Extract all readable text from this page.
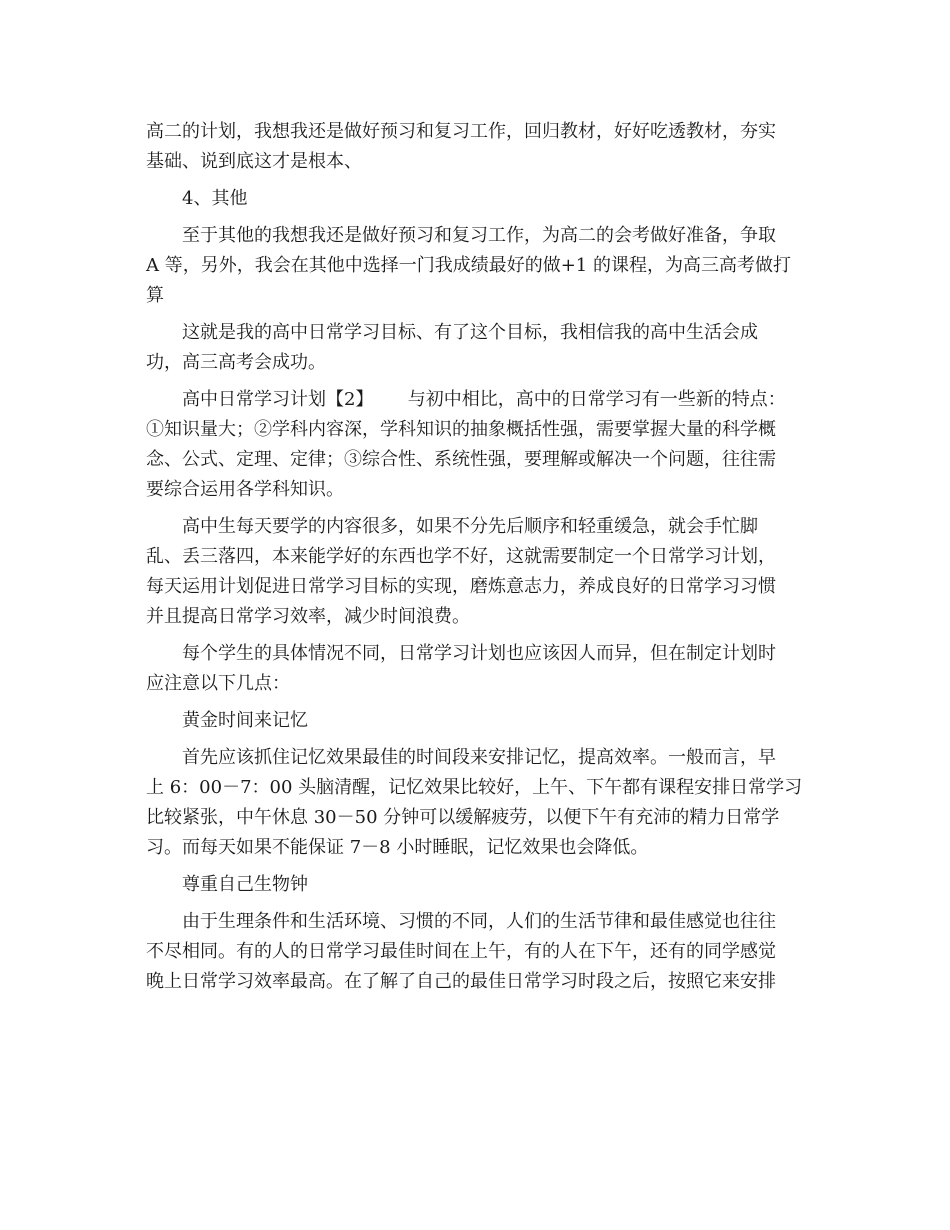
高二的计划，我想我还是做好预习和复习工作，回归教材，好好吃透教材，夯实
基础、说到底这才是根本、

4、其他

至于其他的我想我还是做好预习和复习工作，为高二的会考做好准备，争取
A 等，另外，我会在其他中选择一门我成绩最好的做+1 的课程，为高三高考做打
算

这就是我的高中日常学习目标、有了这个目标，我相信我的高中生活会成
功，高三高考会成功。

高中日常学习计划【2】      与初中相比，高中的日常学习有一些新的特点：
①知识量大；②学科内容深，学科知识的抽象概括性强，需要掌握大量的科学概
念、公式、定理、定律；③综合性、系统性强，要理解或解决一个问题，往往需
要综合运用各学科知识。

高中生每天要学的内容很多，如果不分先后顺序和轻重缓急，就会手忙脚
乱、丢三落四，本来能学好的东西也学不好，这就需要制定一个日常学习计划，
每天运用计划促进日常学习目标的实现，磨炼意志力，养成良好的日常学习习惯
并且提高日常学习效率，减少时间浪费。

每个学生的具体情况不同，日常学习计划也应该因人而异，但在制定计划时
应注意以下几点：

黄金时间来记忆

首先应该抓住记忆效果最佳的时间段来安排记忆，提高效率。一般而言，早
上 6：00－7：00 头脑清醒，记忆效果比较好，上午、下午都有课程安排日常学习
比较紧张，中午休息 30－50 分钟可以缓解疲劳，以便下午有充沛的精力日常学
习。而每天如果不能保证 7－8 小时睡眠，记忆效果也会降低。

尊重自己生物钟

由于生理条件和生活环境、习惯的不同，人们的生活节律和最佳感觉也往往
不尽相同。有的人的日常学习最佳时间在上午，有的人在下午，还有的同学感觉
晚上日常学习效率最高。在了解了自己的最佳日常学习时段之后，按照它来安排
